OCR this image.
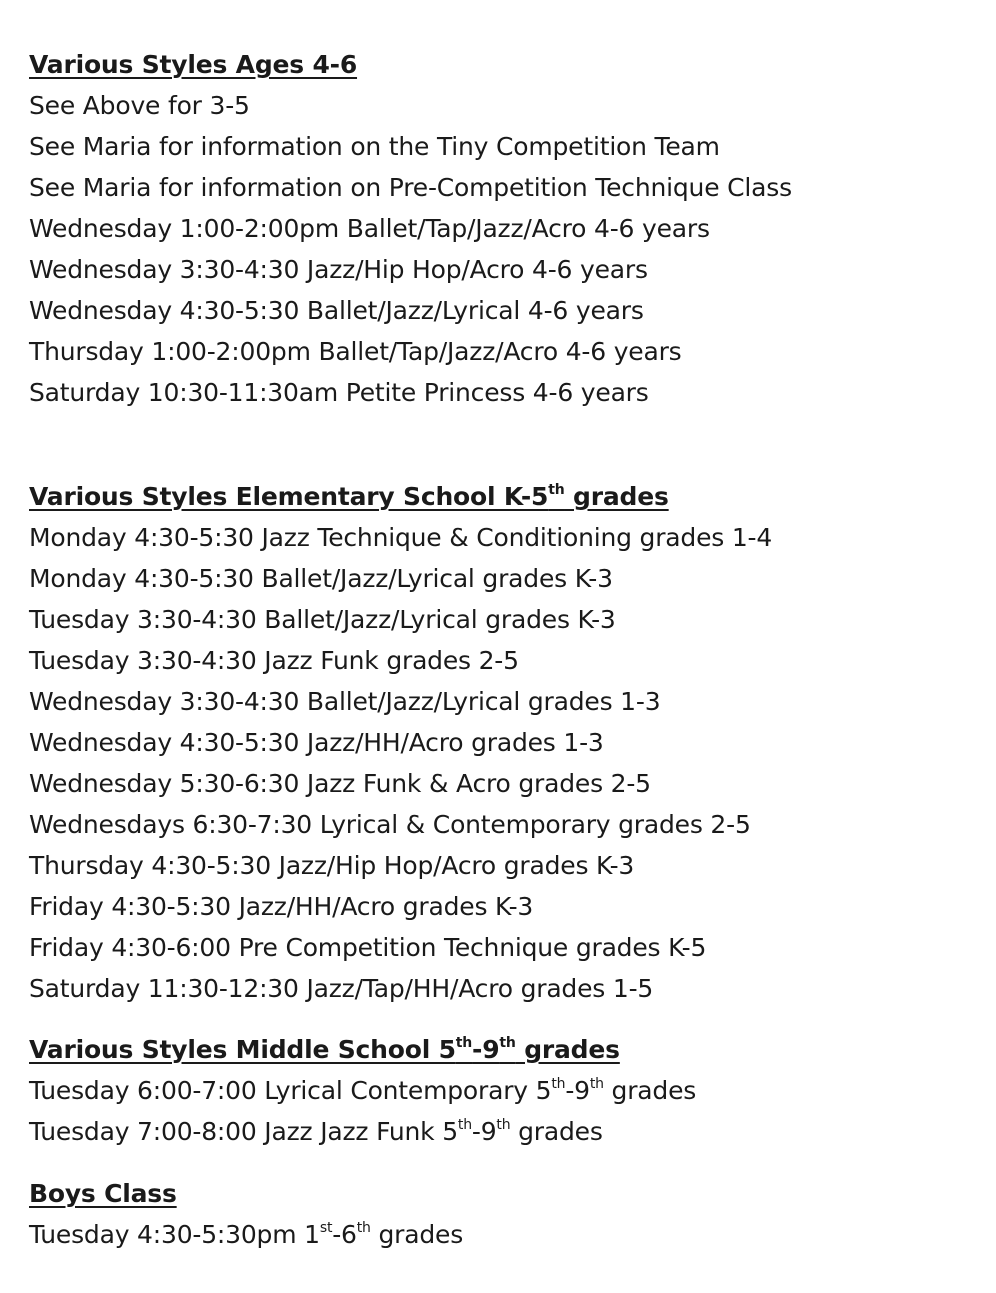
Various Styles Ages 4-6
See Above for 3-5
See Maria for information on the Tiny Competition Team
See Maria for information on Pre-Competition Technique Class
Wednesday 1:00-2:00pm Ballet/Tap/Jazz/Acro 4-6 years
Wednesday 3:30-4:30 Jazz/Hip Hop/Acro 4-6 years
Wednesday 4:30-5:30 Ballet/Jazz/Lyrical 4-6 years
Thursday 1:00-2:00pm Ballet/Tap/Jazz/Acro 4-6 years
Saturday 10:30-11:30am Petite Princess 4-6 years
Various Styles Elementary School K-5th grades
Monday 4:30-5:30 Jazz Technique & Conditioning grades 1-4
Monday 4:30-5:30 Ballet/Jazz/Lyrical grades K-3
Tuesday 3:30-4:30 Ballet/Jazz/Lyrical grades K-3
Tuesday 3:30-4:30 Jazz Funk grades 2-5
Wednesday 3:30-4:30 Ballet/Jazz/Lyrical grades 1-3
Wednesday 4:30-5:30 Jazz/HH/Acro grades 1-3
Wednesday 5:30-6:30 Jazz Funk & Acro grades 2-5
Wednesdays 6:30-7:30 Lyrical & Contemporary grades 2-5
Thursday 4:30-5:30 Jazz/Hip Hop/Acro grades K-3
Friday 4:30-5:30 Jazz/HH/Acro grades K-3
Friday 4:30-6:00 Pre Competition Technique grades K-5
Saturday 11:30-12:30 Jazz/Tap/HH/Acro grades 1-5
Various Styles Middle School 5th-9th grades
Tuesday 6:00-7:00 Lyrical Contemporary 5th-9th grades
Tuesday 7:00-8:00 Jazz Jazz Funk 5th-9th grades
Boys Class
Tuesday 4:30-5:30pm 1st-6th grades
